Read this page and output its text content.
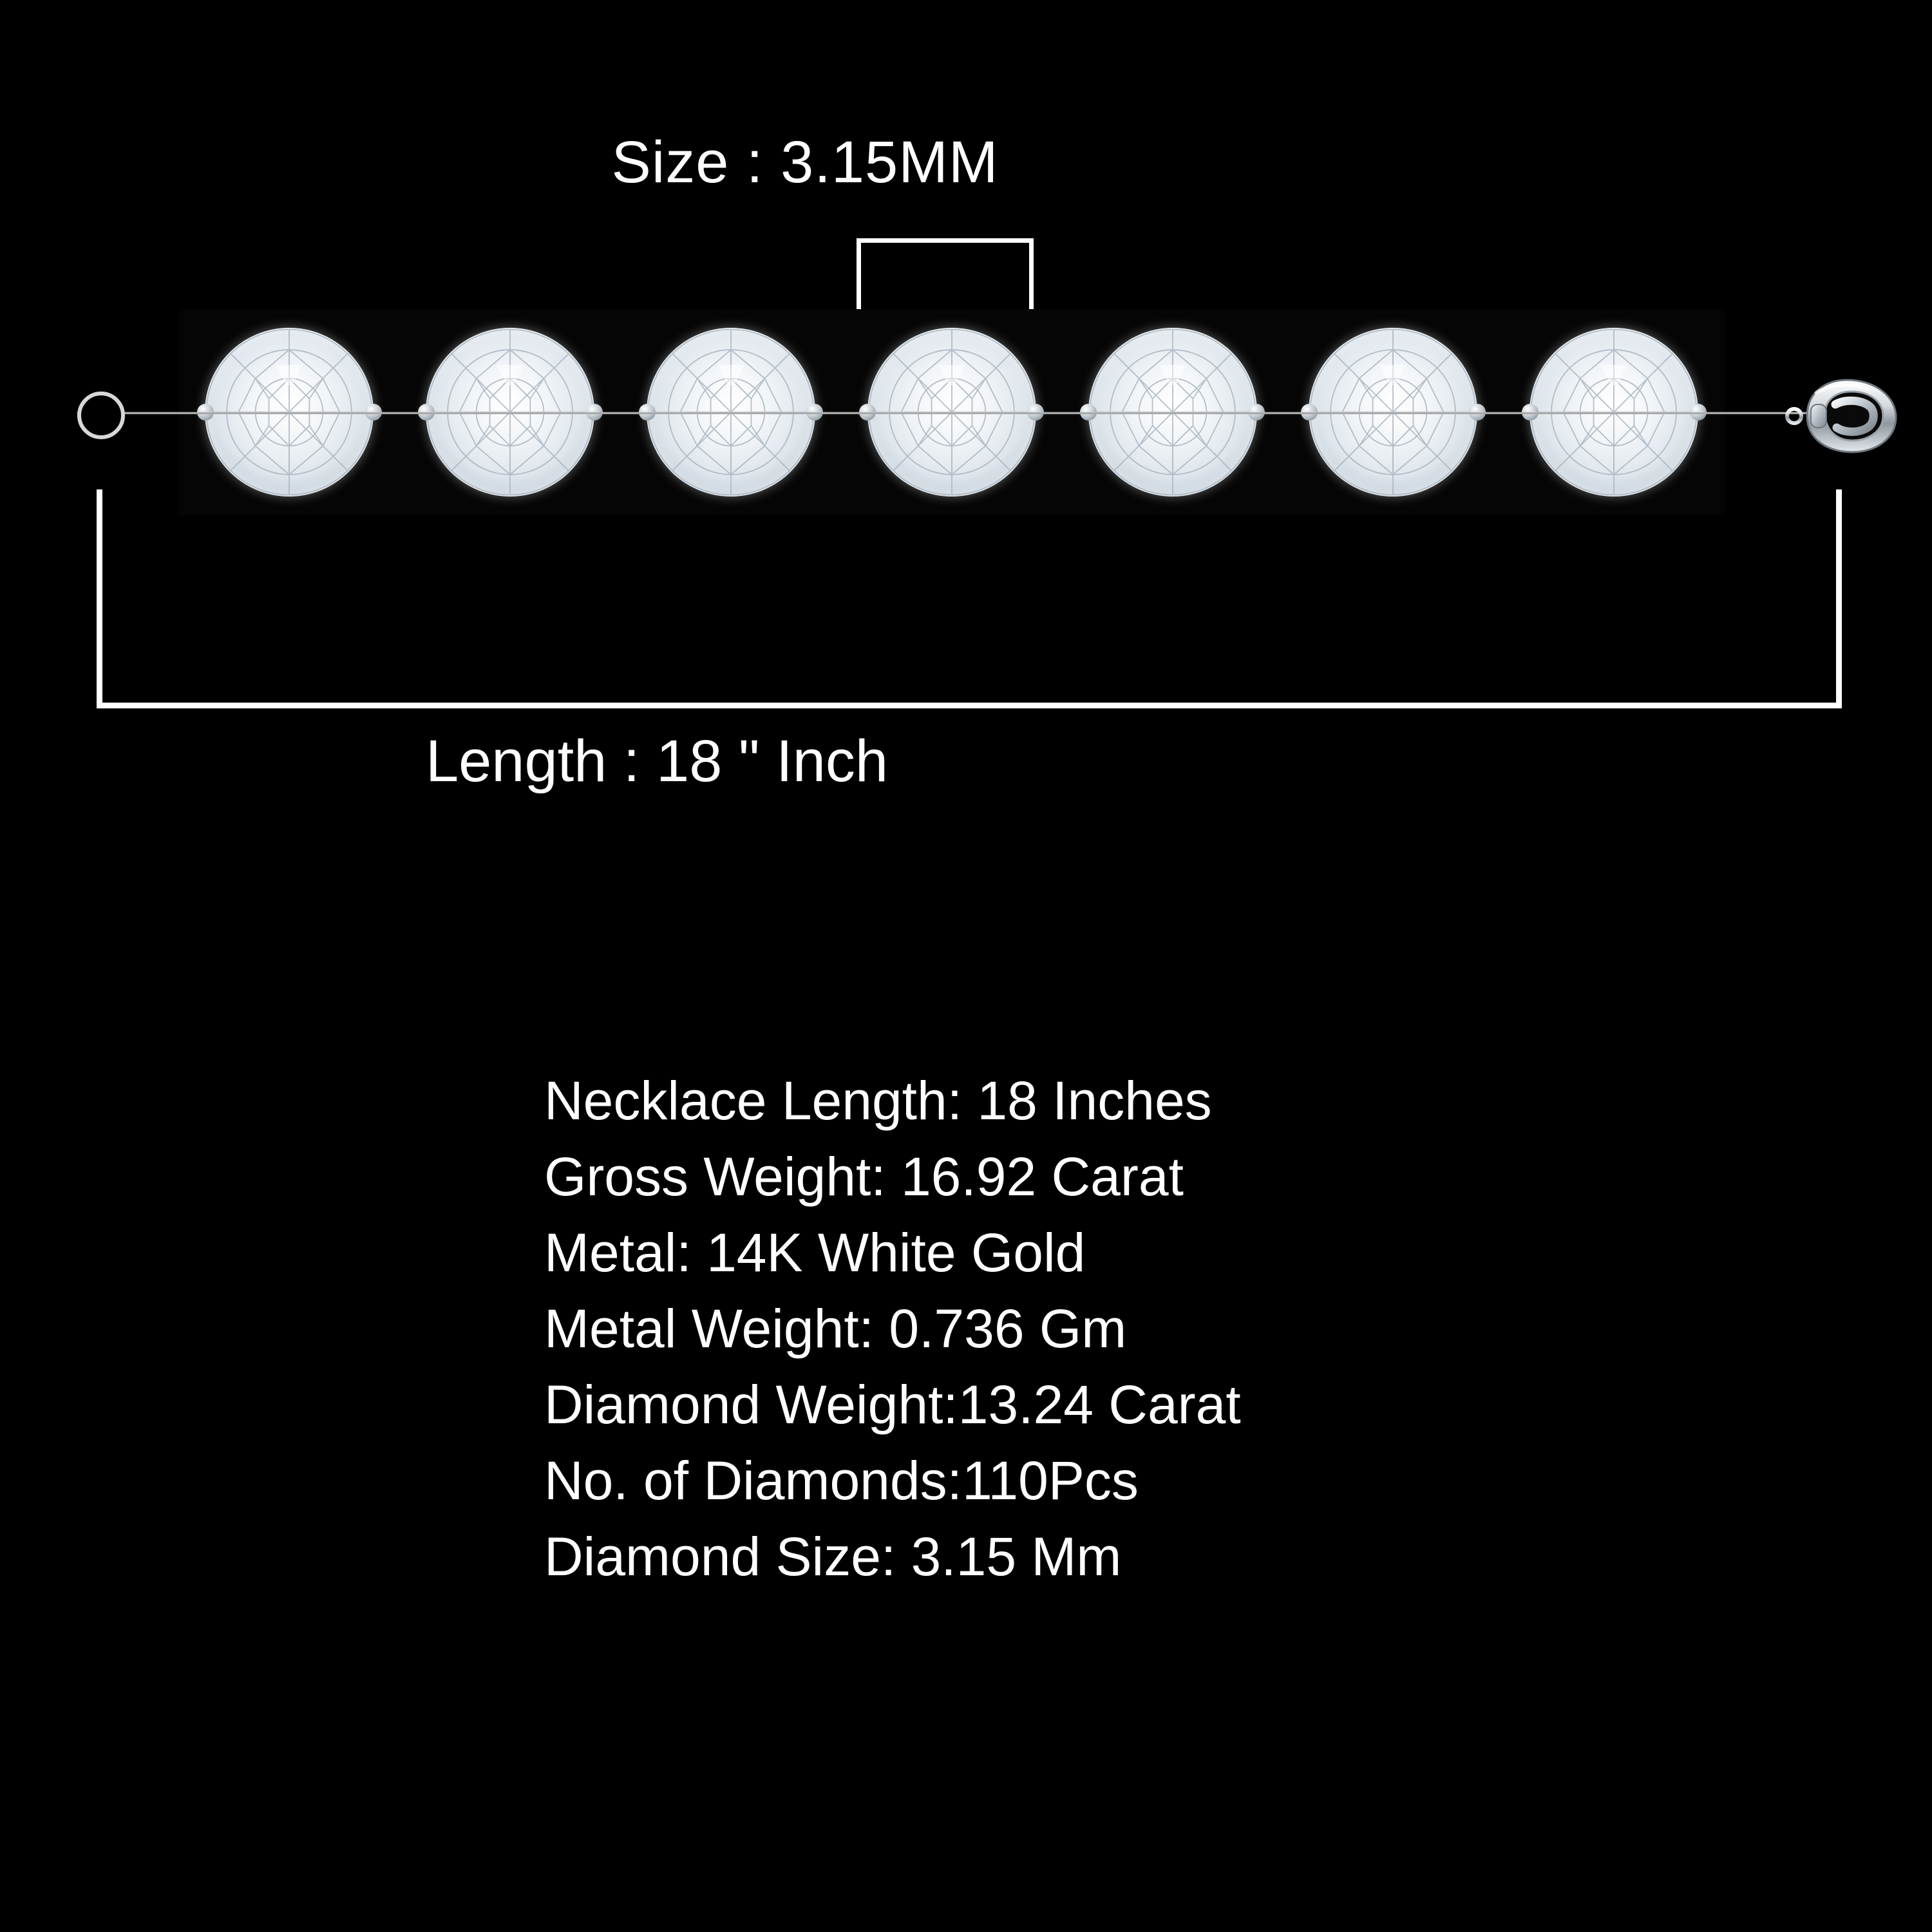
Size : 3.15MM
Length : 18 " Inch
Necklace Length: 18 Inches
Gross Weight: 16.92 Carat
Metal: 14K White Gold
Metal Weight: 0.736 Gm
Diamond Weight:13.24 Carat
No. of Diamonds:110Pcs
Diamond Size: 3.15 Mm
